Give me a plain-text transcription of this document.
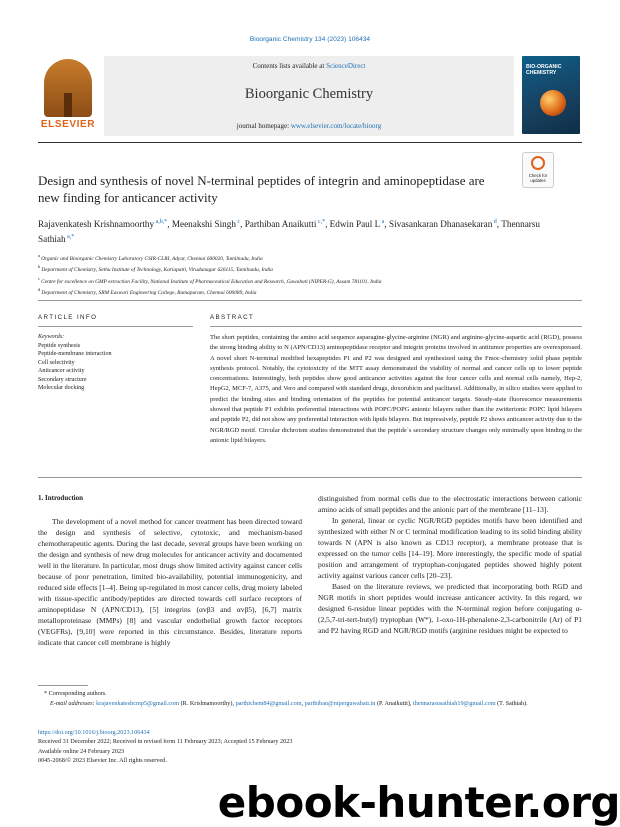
Bioorganic Chemistry 134 (2023) 106434
ELSEVIER
Contents lists available at ScienceDirect
Bioorganic Chemistry
journal homepage: www.elsevier.com/locate/bioorg
BIO-ORGANIC CHEMISTRY
Design and synthesis of novel N-terminal peptides of integrin and aminopeptidase are new finding for anticancer activity
Check for updates
Rajavenkatesh Krishnamoorthy $^{a,b,*}$, Meenakshi Singh $^c$, Parthiban Anaikutti $^{c,*}$, Edwin Paul L $^a$, Sivasankaran Dhanasekaran $^d$, Thennarsu Sathiah $^{a,*}$
$^a$ Organic and Bioorganic Chemistry Laboratory CSIR-CLRI, Adyar, Chennai 600020, Tamilnadu, India
$^b$ Department of Chemistry, Sethu Institute of Technology, Kariapatti, Virudunagar 626115, Tamilnadu, India
$^c$ Centre for excellence on GMP extraction Facility, National Institute of Pharmaceutical Education and Research, Guwahati (NIPER-G), Assam 781101, India
$^d$ Department of Chemistry, SRM Easwari Engineering College, Ramapuram, Chennai 600089, India
ARTICLE INFO	ABSTRACT
Keywords:
Peptide synthesis
Peptide-membrane interaction
Cell selectivity
Anticancer activity
Secondary structure
Molecular docking
The short peptides, containing the amino acid sequence asparagine-glycine-arginine (NGR) and arginine-glycine-aspartic acid (RGD), possess the strong binding ability to N (APN/CD13) aminopeptidase receptor and integrin proteins involved in antitumor properties are overexpressed. A novel short N-terminal modified hexapeptides P1 and P2 was designed and synthesized using the Fmoc-chemistry solid phase peptide synthesis protocol. Notably, the cytotoxicity of the MTT assay demonstrated the viability of normal and cancer cells up to lower peptide concentrations. Interestingly, both peptides show good anticancer activities against the four cancer cells and normal cells namely, Hep-2, HepG2, MCF-7, A375, and Vero and compared with standard drugs, doxorubicin and paclitaxel. Additionally, in silico studies were applied to predict the binding sites and binding orientation of the peptides for potential anticancer targets. Steady-state fluorescence measurements showed that peptide P1 exhibits preferential interactions with POPC/POPG anionic bilayers rather than the zwitterionic POPC lipid bilayers and peptide P2, did not show any preferential interaction with lipids bilayers. But impressively, peptide P2 shows anticancer activity due to the NGR/RGD motif. Circular dichroism studies demonstrated that the peptide`s secondary structure changes only minimally upon binding to the anionic lipid bilayers.
1. Introduction

The development of a novel method for cancer treatment has been directed toward the design and synthesis of selective, cytotoxic, and mechanism-based chemotherapeutic agents. During the last decade, several groups have been working on the design and synthesis of new drug molecules for anticancer activity and documented well in the literature. In particular, most drugs show limited activity against cancer cells because of poor penetration, limited bio-availability, potential immunogenicity, and reduced side effects [1–4]. Being up-regulated in most cancer cells, drug moiety labeled with tissue-specific antibody/peptides are directed towards cell surface receptors of aminopeptidase N (APN/CD13), [5] integrins (αvβ3 and αvβ5), [6,7] matrix metalloproteinase (MMPs) [8] and vascular endothelial growth factor receptors (VEGFRs), [9,10] were reported in this circumstance. Besides, literature reports indicate that cancer cell membrane is highly

distinguished from normal cells due to the electrostatic interactions between cationic amino acids of small peptides and the anionic part of the membrane [11–13].

In general, linear or cyclic NGR/RGD peptides motifs have been identified and synthesized with either N or C terminal modification leading to its solid binding ability towards N (APN is also known as CD13 receptor), a membrane protease that is expressed on the tumor cells [14–19]. More interestingly, the specific mode of spatial position and arrangement of tryptophan-conjugated peptides showed highly potent activity against various cancer cells [20–23].

Based on the literature reviews, we predicted that incorporating both RGD and NGR motifs in short peptides would increase anticancer activity. In this regard, we designed 6-residue linear peptides with the N-terminal region before conjugating α-(2,5,7-tri-tert-butyl) tryptophan (W*), 1-oxo-1H-phenalene-2,3-carbonitrile (Ar) of P1 and P2 having RGD and NGR/RGD motifs (arginine residues might be expected to

* Corresponding authors.
E-mail addresses: krajavenkateshcmp5@gmail.com (R. Krishnamoorthy), parthichem84@gmail.com, parthiban@niperguwahati.in (P. Anaikutti), thennarasusathiah19@gmail.com (T. Sathiah).
https://doi.org/10.1016/j.bioorg.2023.106434
Received 31 December 2022; Received in revised form 11 February 2023; Accepted 15 February 2023
Available online 24 February 2023
0045-2068/© 2023 Elsevier Inc. All rights reserved.
ebook-hunter.org
